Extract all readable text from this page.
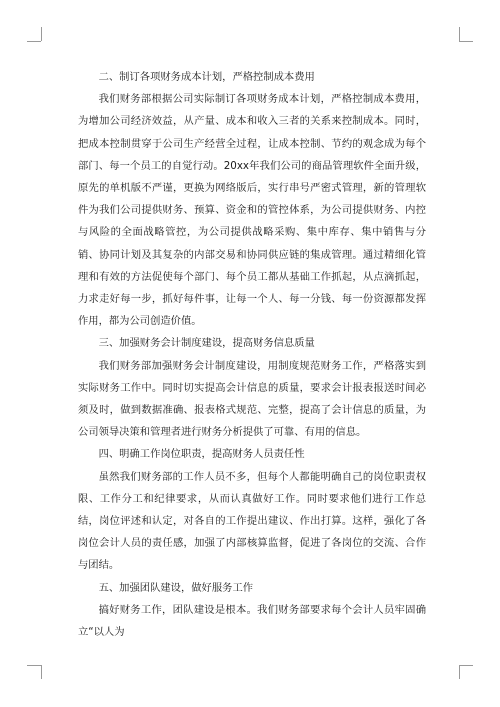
二、制订各项财务成本计划，严格控制成本费用

我们财务部根据公司实际制订各项财务成本计划，严格控制成本费用，为增加公司经济效益，从产量、成本和收入三者的关系来控制成本。同时，把成本控制贯穿于公司生产经营全过程，让成本控制、节约的观念成为每个部门、每一个员工的自觉行动。20xx年我们公司的商品管理软件全面升级，原先的单机版不严谨，更换为网络版后，实行串号严密式管理，新的管理软件为我们公司提供财务、预算、资金和的管控体系，为公司提供财务、内控与风险的全面战略管控，为公司提供战略采购、集中库存、集中销售与分销、协同计划及其复杂的内部交易和协同供应链的集成管理。通过精细化管理和有效的方法促使每个部门、每个员工都从基础工作抓起，从点滴抓起，力求走好每一步，抓好每件事，让每一个人、每一分钱、每一份资源都发挥作用，都为公司创造价值。

三、加强财务会计制度建设，提高财务信息质量

我们财务部加强财务会计制度建设，用制度规范财务工作，严格落实到实际财务工作中。同时切实提高会计信息的质量，要求会计报表报送时间必须及时，做到数据准确、报表格式规范、完整，提高了会计信息的质量，为公司领导决策和管理者进行财务分析提供了可靠、有用的信息。

四、明确工作岗位职责，提高财务人员责任性

虽然我们财务部的工作人员不多，但每个人都能明确自己的岗位职责权限、工作分工和纪律要求，从而认真做好工作。同时要求他们进行工作总结，岗位评述和认定，对各自的工作提出建议、作出打算。这样，强化了各岗位会计人员的责任感，加强了内部核算监督，促进了各岗位的交流、合作与团结。

五、加强团队建设，做好服务工作

搞好财务工作，团队建设是根本。我们财务部要求每个会计人员牢固确立“以人为
